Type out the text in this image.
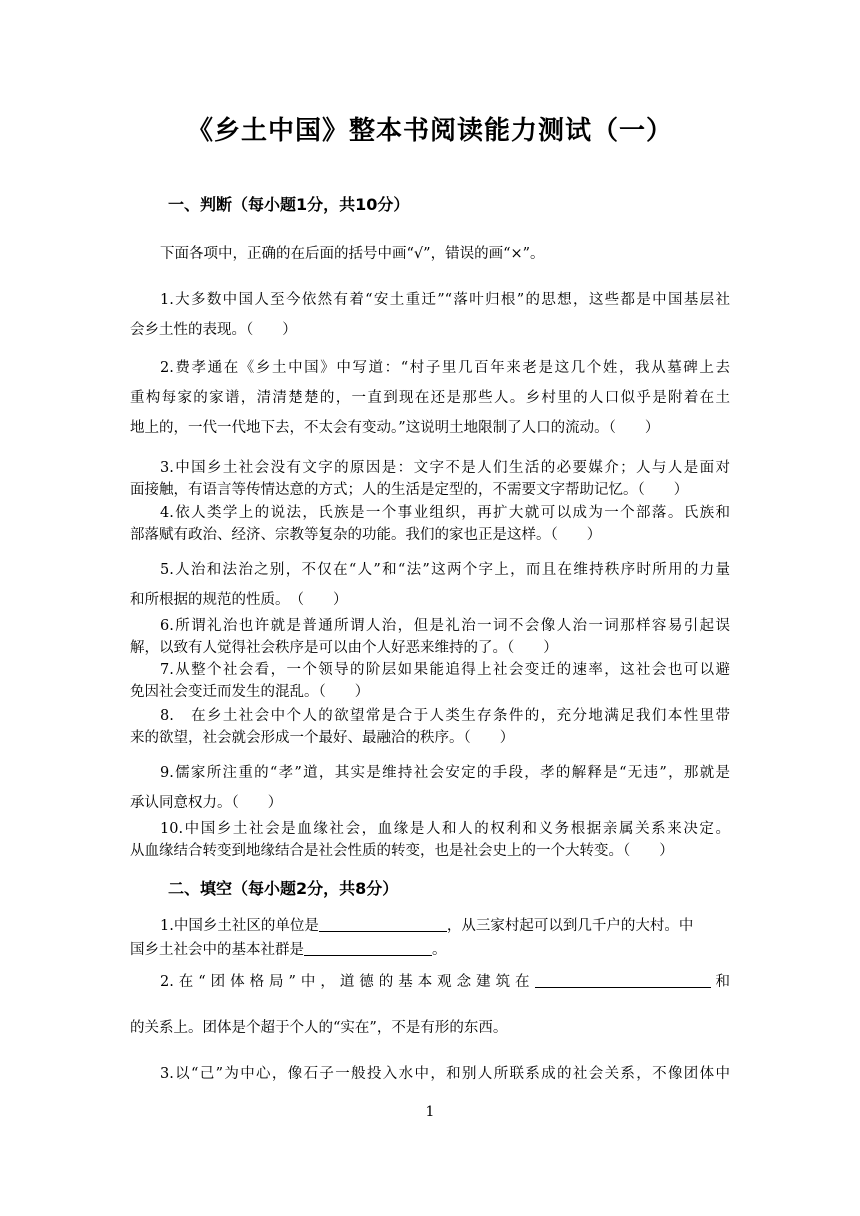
《乡土中国》整本书阅读能力测试（一）
一、判断（每小题1分，共10分）

下面各项中，正确的在后面的括号中画“√”，错误的画“×”。

1.大多数中国人至今依然有着“安土重迁”“落叶归根”的思想，这些都是中国基层社
会乡土性的表现。（　　）

2.费孝通在《乡土中国》中写道：“村子里几百年来老是这几个姓，我从墓碑上去
重构每家的家谱，清清楚楚的，一直到现在还是那些人。乡村里的人口似乎是附着在土
地上的，一代一代地下去，不太会有变动。”这说明土地限制了人口的流动。（　　）

3.中国乡土社会没有文字的原因是：文字不是人们生活的必要媒介；人与人是面对
面接触，有语言等传情达意的方式；人的生活是定型的，不需要文字帮助记忆。（　　）

4.依人类学上的说法，氏族是一个事业组织，再扩大就可以成为一个部落。氏族和
部落赋有政治、经济、宗教等复杂的功能。我们的家也正是这样。（　　）

5.人治和法治之别，不仅在“人”和“法”这两个字上，而且在维持秩序时所用的力量
和所根据的规范的性质。　（　　）

6.所谓礼治也许就是普通所谓人治，但是礼治一词不会像人治一词那样容易引起误
解，以致有人觉得社会秩序是可以由个人好恶来维持的了。（　　）

7.从整个社会看，一个领导的阶层如果能追得上社会变迁的速率，这社会也可以避
免因社会变迁而发生的混乱。（　　）

8.　在乡土社会中个人的欲望常是合于人类生存条件的，充分地满足我们本性里带
来的欲望，社会就会形成一个最好、最融洽的秩序。（　　）

9.儒家所注重的“孝”道，其实是维持社会安定的手段，孝的解释是“无违”，那就是
承认同意权力。（　　）

10.中国乡土社会是血缘社会，血缘是人和人的权利和义务根据亲属关系来决定。
从血缘结合转变到地缘结合是社会性质的转变，也是社会史上的一个大转变。（　　）

二、填空（每小题2分，共8分）

1.中国乡土社区的单位是	，从三家村起可以到几千户的大村。中
国乡土社会中的基本社群是	。

2.在“团体格局”中，道德的基本观念建筑在	和
的关系上。团体是个超于个人的“实在”，不是有形的东西。

3.以“己”为中心，像石子一般投入水中，和别人所联系成的社会关系，不像团体中

1
